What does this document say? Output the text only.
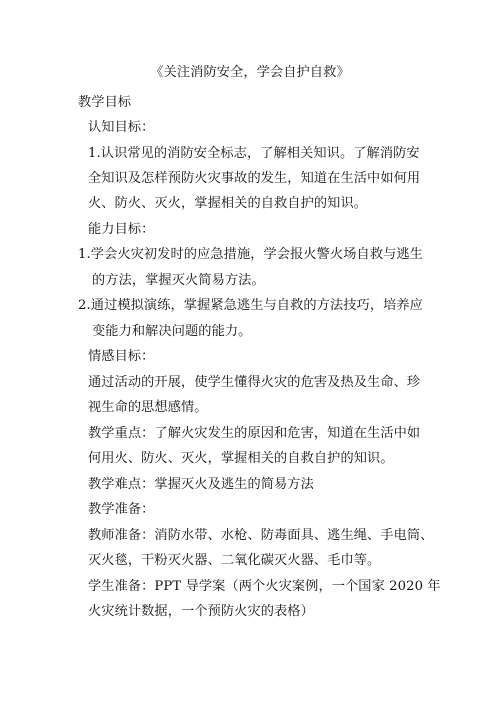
《关注消防安全，学会自护自救》
教学目标
认知目标：
1.认识常见的消防安全标志，了解相关知识。了解消防安
全知识及怎样预防火灾事故的发生，知道在生活中如何用
火、防火、灭火，掌握相关的自救自护的知识。
能力目标：
1.学会火灾初发时的应急措施，学会报火警火场自救与逃生
的方法，掌握灭火简易方法。
2.通过模拟演练，掌握紧急逃生与自救的方法技巧，培养应
变能力和解决问题的能力。
情感目标：
通过活动的开展，使学生懂得火灾的危害及热及生命、珍
视生命的思想感情。
教学重点：了解火灾发生的原因和危害，知道在生活中如
何用火、防火、灭火，掌握相关的自救自护的知识。
教学难点：掌握灭火及逃生的简易方法
教学准备：
教师准备：消防水带、水枪、防毒面具、逃生绳、手电筒、
灭火毯，干粉灭火器、二氧化碳灭火器、毛巾等。
学生准备：PPT 导学案（两个火灾案例，一个国家 2020 年
火灾统计数据，一个预防火灾的表格）
